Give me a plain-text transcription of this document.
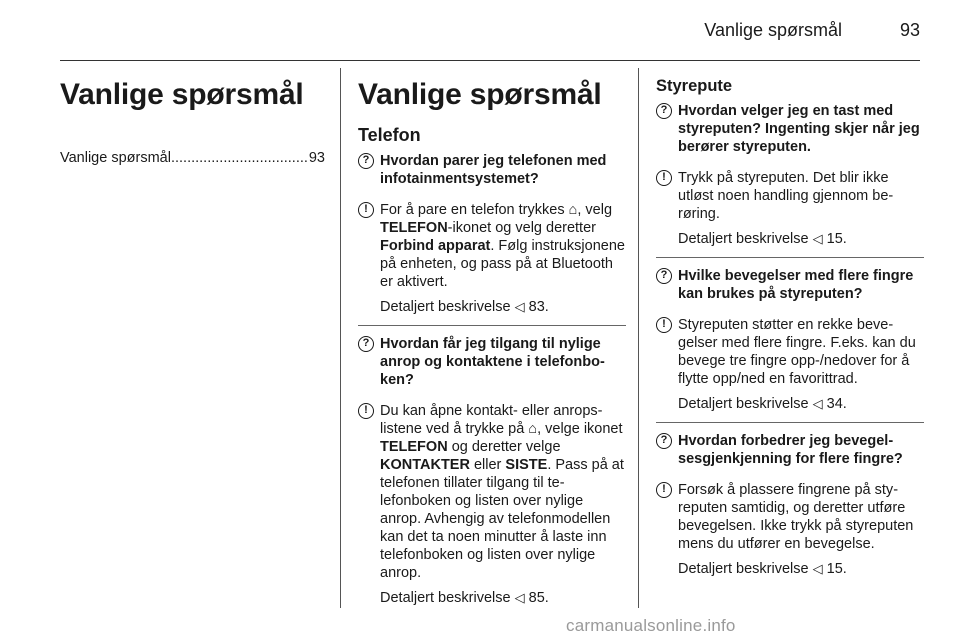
Vanlige spørsmål	93
Vanlige spørsmål
Vanlige spørsmål .....	93
Vanlige spørsmål
Telefon
? Hvordan parer jeg telefonen med infotainmentsystemet?
! For å pare en telefon trykkes ⌂, velg TELEFON-ikonet og velg deretter Forbind apparat. Følg instruksjonene på enheten, og pass på at Bluetooth er aktivert.
Detaljert beskrivelse ◁ 83.
? Hvordan får jeg tilgang til nylige anrop og kontaktene i telefonboken?
! Du kan åpne kontakt- eller anropslistene ved å trykke på ⌂, velge ikonet TELEFON og deretter velge KONTAKTER eller SISTE. Pass på at telefonen tillater tilgang til telefonboken og listen over nylige anrop. Avhengig av telefonmodellen kan det ta noen minutter å laste inn telefonboken og listen over nylige anrop.
Detaljert beskrivelse ◁ 85.
Styrepute
? Hvordan velger jeg en tast med styreputen? Ingenting skjer når jeg berører styreputen.
! Trykk på styreputen. Det blir ikke utløst noen handling gjennom berøring.
Detaljert beskrivelse ◁ 15.
? Hvilke bevegelser med flere fingre kan brukes på styreputen?
! Styreputen støtter en rekke bevegelser med flere fingre. F.eks. kan du bevege tre fingre opp-/nedover for å flytte opp/ned en favorittrad.
Detaljert beskrivelse ◁ 34.
? Hvordan forbedrer jeg bevegelsesgjenkjenning for flere fingre?
! Forsøk å plassere fingrene på styreputen samtidig, og deretter utføre bevegelsen. Ikke trykk på styreputen mens du utfører en bevegelse.
Detaljert beskrivelse ◁ 15.
carmanualsonline.info
